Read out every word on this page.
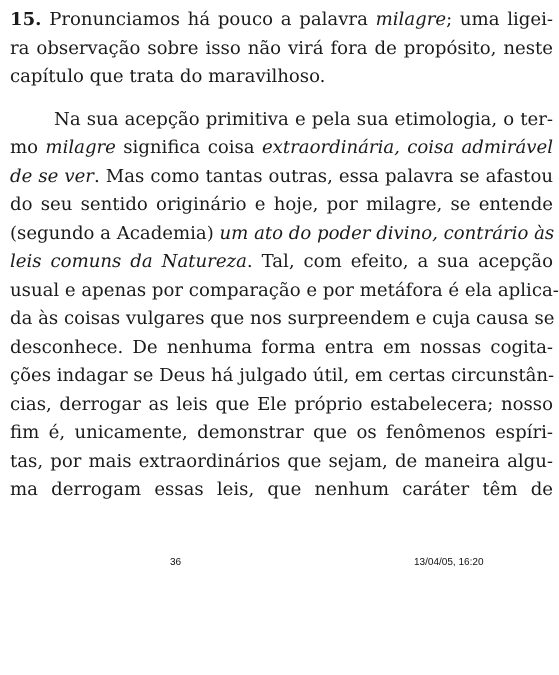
15. Pronunciamos há pouco a palavra milagre; uma ligei-
ra observação sobre isso não virá fora de propósito, neste
capítulo que trata do maravilhoso.
Na sua acepção primitiva e pela sua etimologia, o ter-
mo milagre significa coisa extraordinária, coisa admirável
de se ver. Mas como tantas outras, essa palavra se afastou
do seu sentido originário e hoje, por milagre, se entende
(segundo a Academia) um ato do poder divino, contrário às
leis comuns da Natureza. Tal, com efeito, a sua acepção
usual e apenas por comparação e por metáfora é ela aplica-
da às coisas vulgares que nos surpreendem e cuja causa se
desconhece. De nenhuma forma entra em nossas cogita-
ções indagar se Deus há julgado útil, em certas circunstân-
cias, derrogar as leis que Ele próprio estabelecera; nosso
fim é, unicamente, demonstrar que os fenômenos espíri-
tas, por mais extraordinários que sejam, de maneira algu-
ma derrogam essas leis, que nenhum caráter têm de
36	13/04/05, 16:20
